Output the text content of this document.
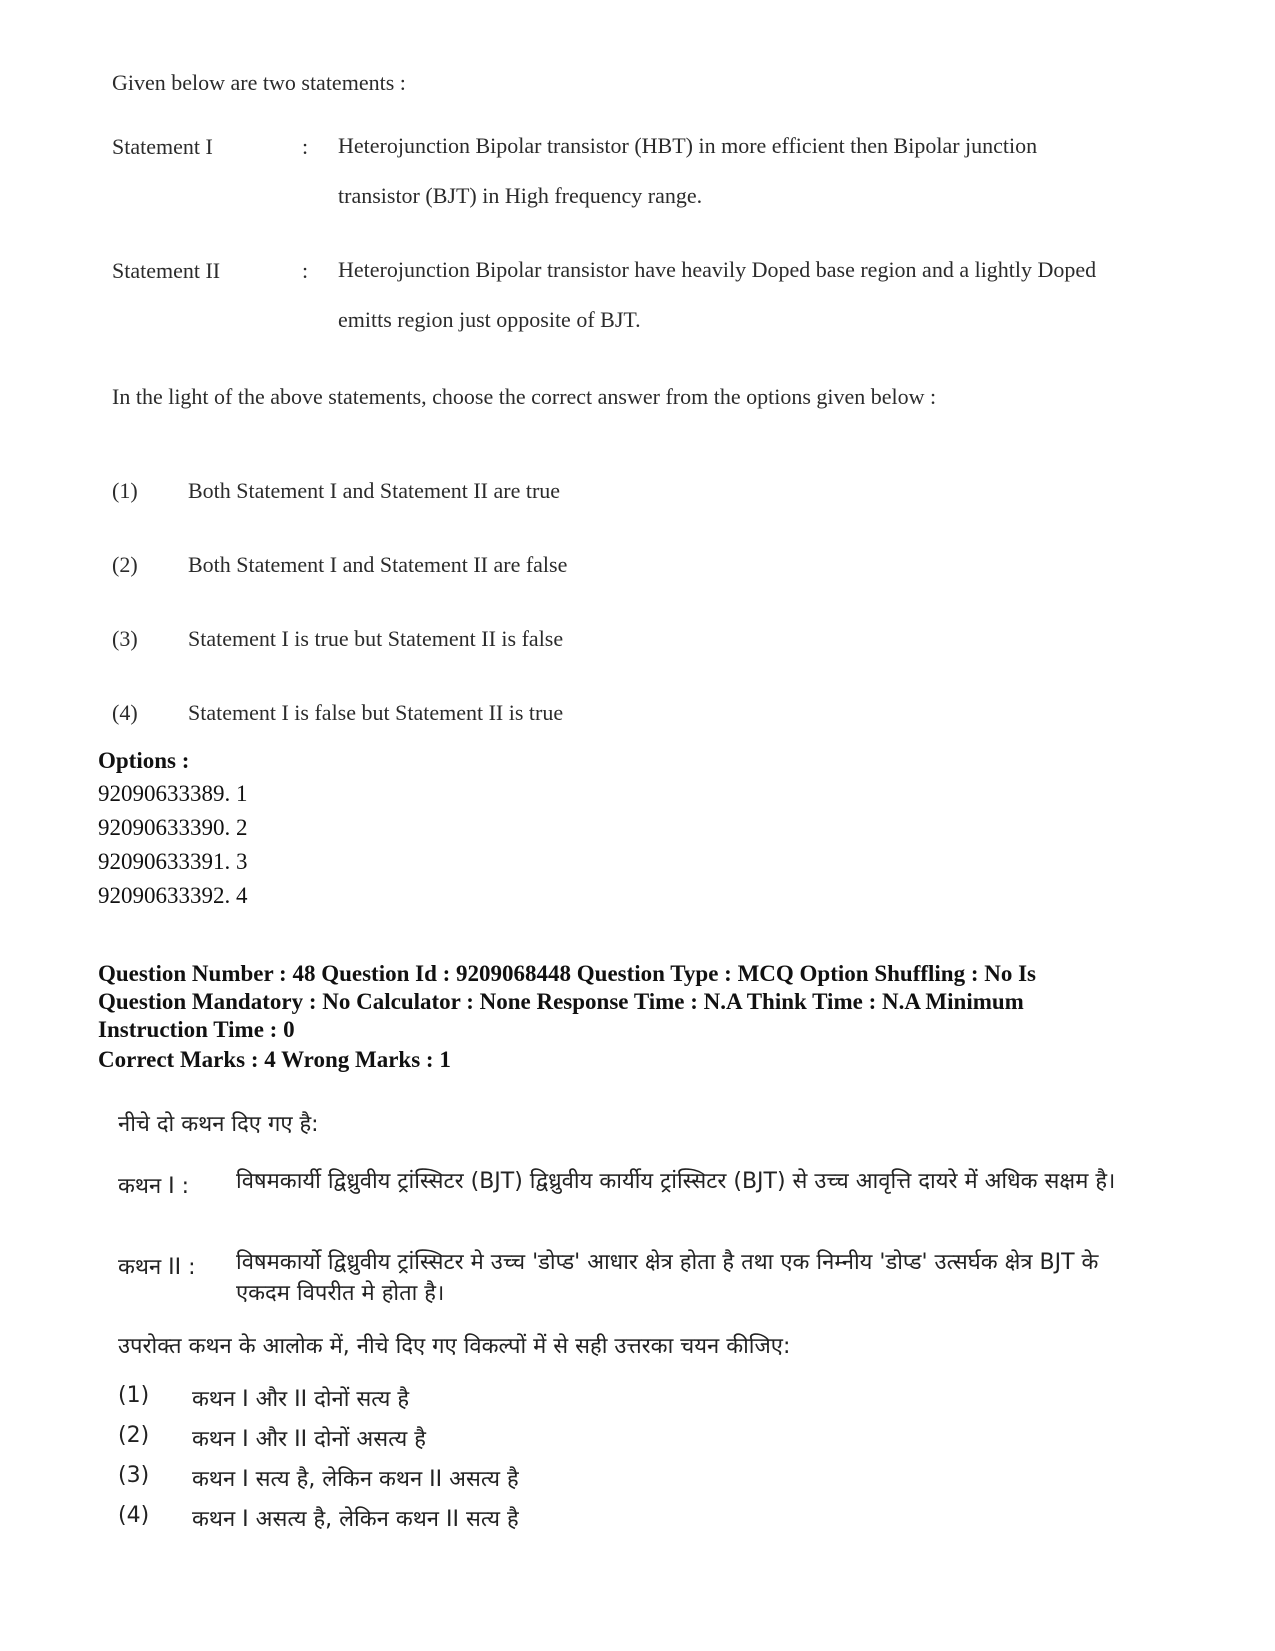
Given below are two statements :
Statement I	: Heterojunction Bipolar transistor (HBT) in more efficient then Bipolar junction transistor (BJT) in High frequency range.
Statement II	: Heterojunction Bipolar transistor have heavily Doped base region and a lightly Doped emitts region just opposite of BJT.
In the light of the above statements, choose the correct answer from the options given below :
(1) Both Statement I and Statement II are true
(2) Both Statement I and Statement II are false
(3) Statement I is true but Statement II is false
(4) Statement I is false but Statement II is true
Options :
92090633389. 1
92090633390. 2
92090633391. 3
92090633392. 4
Question Number : 48 Question Id : 9209068448 Question Type : MCQ Option Shuffling : No Is Question Mandatory : No Calculator : None Response Time : N.A Think Time : N.A Minimum Instruction Time : 0
Correct Marks : 4 Wrong Marks : 1
नीचे दो कथन दिए गए है:
कथन I : विषमकार्यी द्विध्रुवीय ट्रांस्सिटर (BJT) द्विध्रुवीय कार्यीय ट्रांस्सिटर (BJT) से उच्च आवृत्ति दायरे में अधिक सक्षम है।
कथन II : विषमकार्यो द्विध्रुवीय ट्रांस्सिटर मे उच्च 'डोप्ड' आधार क्षेत्र होता है तथा एक निम्नीय 'डोप्ड' उत्सर्घक क्षेत्र BJT के एकदम विपरीत मे होता है।
उपरोक्त कथन के आलोक में, नीचे दिए गए विकल्पों में से सही उत्तरका चयन कीजिए:
(1) कथन I और II दोनों सत्य है
(2) कथन I और II दोनों असत्य है
(3) कथन I सत्य है, लेकिन कथन II असत्य है
(4) कथन I असत्य है, लेकिन कथन II सत्य है
